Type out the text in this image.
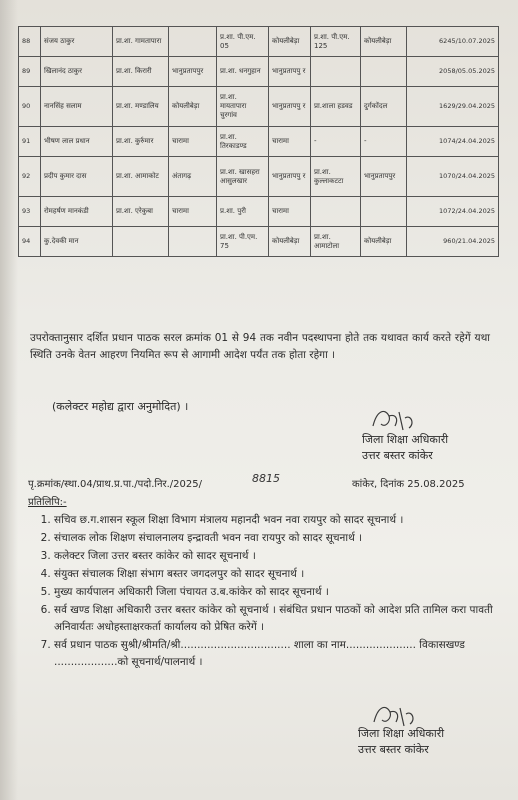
88	संजय ठाकुर	प्रा.शा. गामतापारा		प्र.शा. पी.एम. 05	कोयलीबेड़ा	प्र.शा. पी.एम. 125	कोयलीबेड़ा	6245/10.07.2025
89	खिलानंद ठाकुर	प्रा.शा. किरारी	भानुप्रतापपुर	प्रा.शा. धनगुहान	भानुप्रतापपु र			2058/05.05.2025
90	नानसिंह सलाम	प्रा.शा. मण्डालिय	कोयलीबेड़ा	प्रा.शा. मायतापारा चुरगांव	भानुप्रतापपु र	प्रा.शाला हडवड	दुर्गकोंदल	1629/29.04.2025
91	भीषण लाल प्रधान	प्रा.शा. कुर्रुमार	चारामा	प्रा.शा. तिरकाडण्ड	चारामा	-	-	1074/24.04.2025
92	प्रदीप कुमार दास	प्रा.शा. आमाकोट	अंतागढ़	प्रा.शा. खासहरा आसुलखार	भानुप्रतापपु र	प्रा.शा. कुल्लाकटटा	भानुप्रतापपुर	1070/24.04.2025
93	रोमहर्षण मानकंडी	प्रा.शा. एरेकुबा	चारामा	प्र.शा. पुरी	चारामा			1072/24.04.2025
94	कु.देवकी मान			प्रा.शा. पी.एम. 75	कोयलीबेड़ा	प्रा.शा. आमाटोला	कोयलीबेड़ा	960/21.04.2025
उपरोक्तानुसार दर्शित प्रधान पाठक सरल क्रमांक 01 से 94 तक नवीन पदस्थापना होते तक यथावत कार्य करते रहेगें यथा स्थिति उनके वेतन आहरण नियमित रूप से आगामी आदेश पर्यंत तक होता रहेगा ।
(कलेक्टर महोद्य द्वारा अनुमोदित) ।
जिला शिक्षा अधिकारी
उत्तर बस्तर कांकेर
पृ.क्रमांक/स्था.04/प्राथ.प्र.पा./पदो.निर./2025/	8815	कांकेर, दिनांक 25.08.2025
प्रतिलिपि:-
1. सचिव छ.ग.शासन स्कूल शिक्षा विभाग मंत्रालय महानदी भवन नवा रायपुर को सादर सूचनार्थ ।
2. संचालक लोक शिक्षण संचालनालय इन्द्रावती भवन नवा रायपुर को सादर सूचनार्थ ।
3. कलेक्टर जिला उत्तर बस्तर कांकेर को सादर सूचनार्थ ।
4. संयुक्त संचालक शिक्षा संभाग बस्तर जगदलपुर को सादर सूचनार्थ ।
5. मुख्य कार्यपालन अधिकारी जिला पंचायत उ.ब.कांकेर को सादर सूचनार्थ ।
6. सर्व खण्ड शिक्षा अधिकारी उत्तर बस्तर कांकेर को सूचनार्थ । संबंधित प्रधान पाठकों को आदेश प्रति तामिल करा पावती अनिवार्यतः अधोहस्ताक्षरकर्ता कार्यालय को प्रेषित करेगें ।
7. सर्व प्रधान पाठक सुश्री/श्रीमति/श्री................................. शाला का नाम..................... विकासखण्ड ...................को सूचनार्थ/पालनार्थ ।
जिला शिक्षा अधिकारी
उत्तर बस्तर कांकेर
